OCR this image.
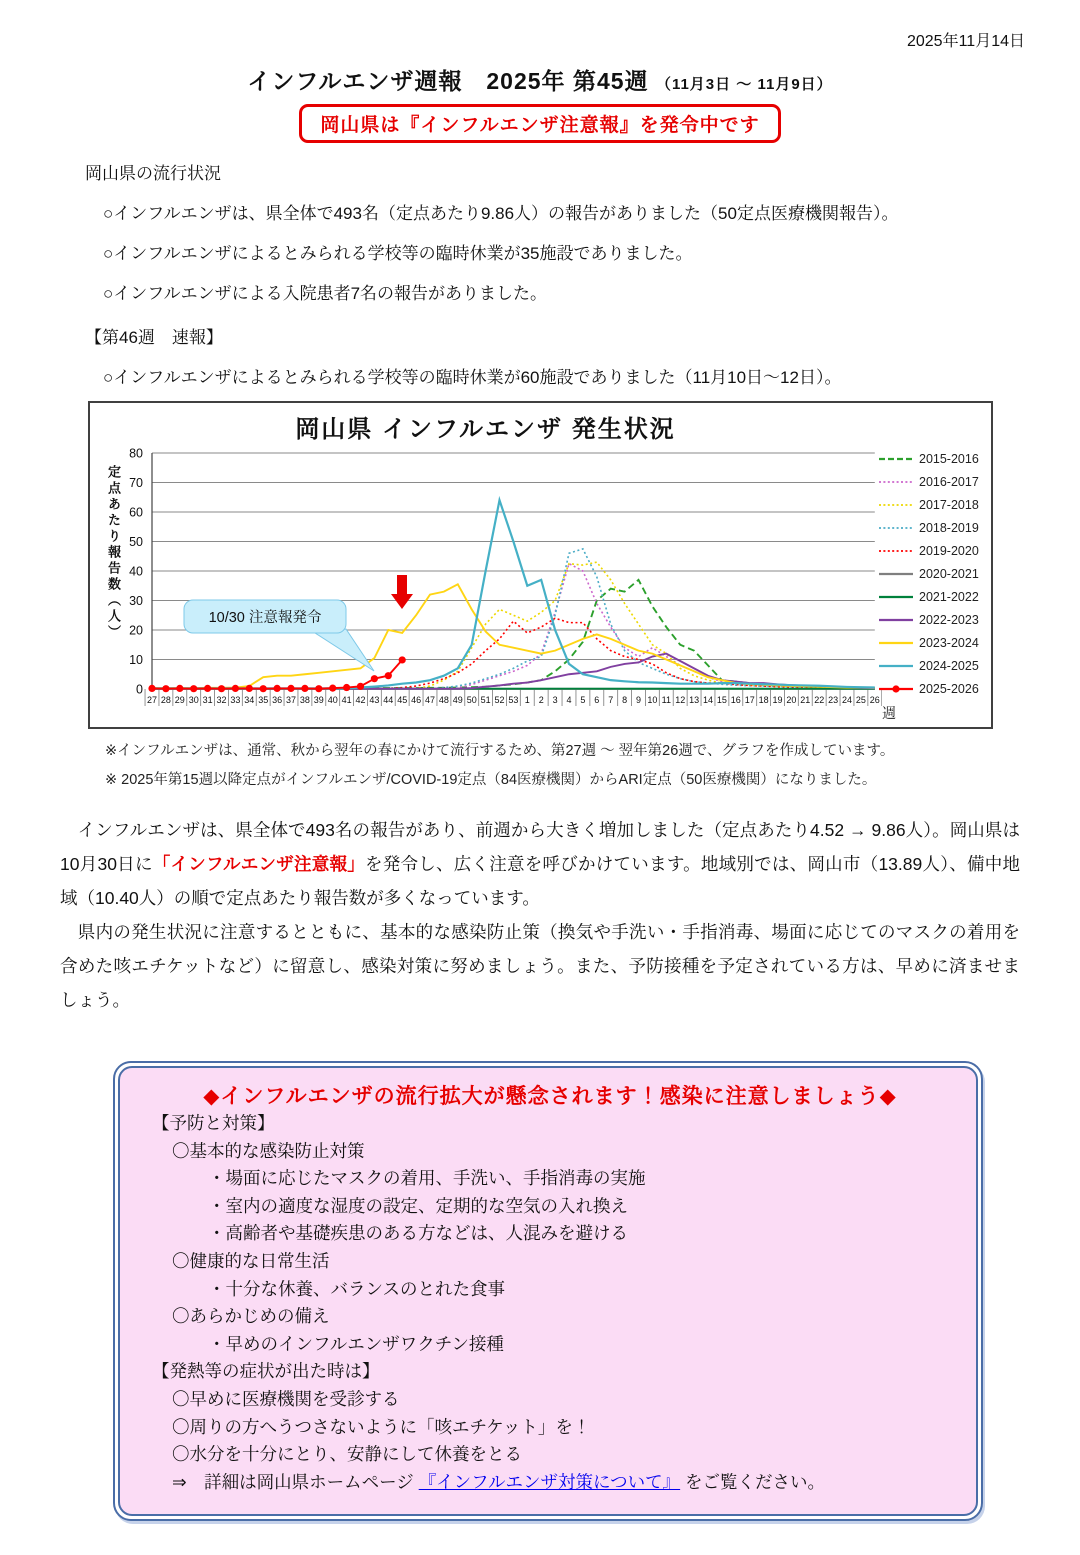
2025年11月14日
インフルエンザ週報　2025年 第45週 （11月3日 ～ 11月9日）
岡山県は『インフルエンザ注意報』を発令中です
岡山県の流行状況
○インフルエンザは、県全体で493名（定点あたり9.86人）の報告がありました（50定点医療機関報告）。
○インフルエンザによるとみられる学校等の臨時休業が35施設でありました。
○インフルエンザによる入院患者7名の報告がありました。
【第46週　速報】
○インフルエンザによるとみられる学校等の臨時休業が60施設でありました（11月10日～12日）。
岡山県 インフルエンザ 発生状況
定点あたり報告数（人）
0
10
20
30
40
50
60
70
80
27 28 29 30 31 32 33 34 35 36 37 38 39 40 41 42 43 44 45 46 47 48 49 50 51 52 53 1 2 3 4 5 6 7 8 9 10 11 12 13 14 15 16 17 18 19 20 21 22 23 24 25 26
10/30 注意報発令
2015-2016
2016-2017
2017-2018
2018-2019
2019-2020
2020-2021
2021-2022
2022-2023
2023-2024
2024-2025
2025-2026
週
※インフルエンザは、通常、秋から翌年の春にかけて流行するため、第27週 ～ 翌年第26週で、グラフを作成しています。
※ 2025年第15週以降定点がインフルエンザ/COVID-19定点（84医療機関）からARI定点（50医療機関）になりました。
　インフルエンザは、県全体で493名の報告があり、前週から大きく増加しました（定点あたり4.52 → 9.86人）。岡山県は10月30日に「インフルエンザ注意報」を発令し、広く注意を呼びかけています。地域別では、岡山市（13.89人）、備中地域（10.40人）の順で定点あたり報告数が多くなっています。
　県内の発生状況に注意するとともに、基本的な感染防止策（換気や手洗い・手指消毒、場面に応じてのマスクの着用を含めた咳エチケットなど）に留意し、感染対策に努めましょう。また、予防接種を予定されている方は、早めに済ませましょう。
◆インフルエンザの流行拡大が懸念されます！感染に注意しましょう◆
【予防と対策】
〇基本的な感染防止対策
・場面に応じたマスクの着用、手洗い、手指消毒の実施
・室内の適度な湿度の設定、定期的な空気の入れ換え
・高齢者や基礎疾患のある方などは、人混みを避ける
〇健康的な日常生活
・十分な休養、バランスのとれた食事
〇あらかじめの備え
・早めのインフルエンザワクチン接種
【発熱等の症状が出た時は】
〇早めに医療機関を受診する
〇周りの方へうつさないように「咳エチケット」を！
〇水分を十分にとり、安静にして休養をとる
⇒　詳細は岡山県ホームページ 『インフルエンザ対策について』 をご覧ください。
